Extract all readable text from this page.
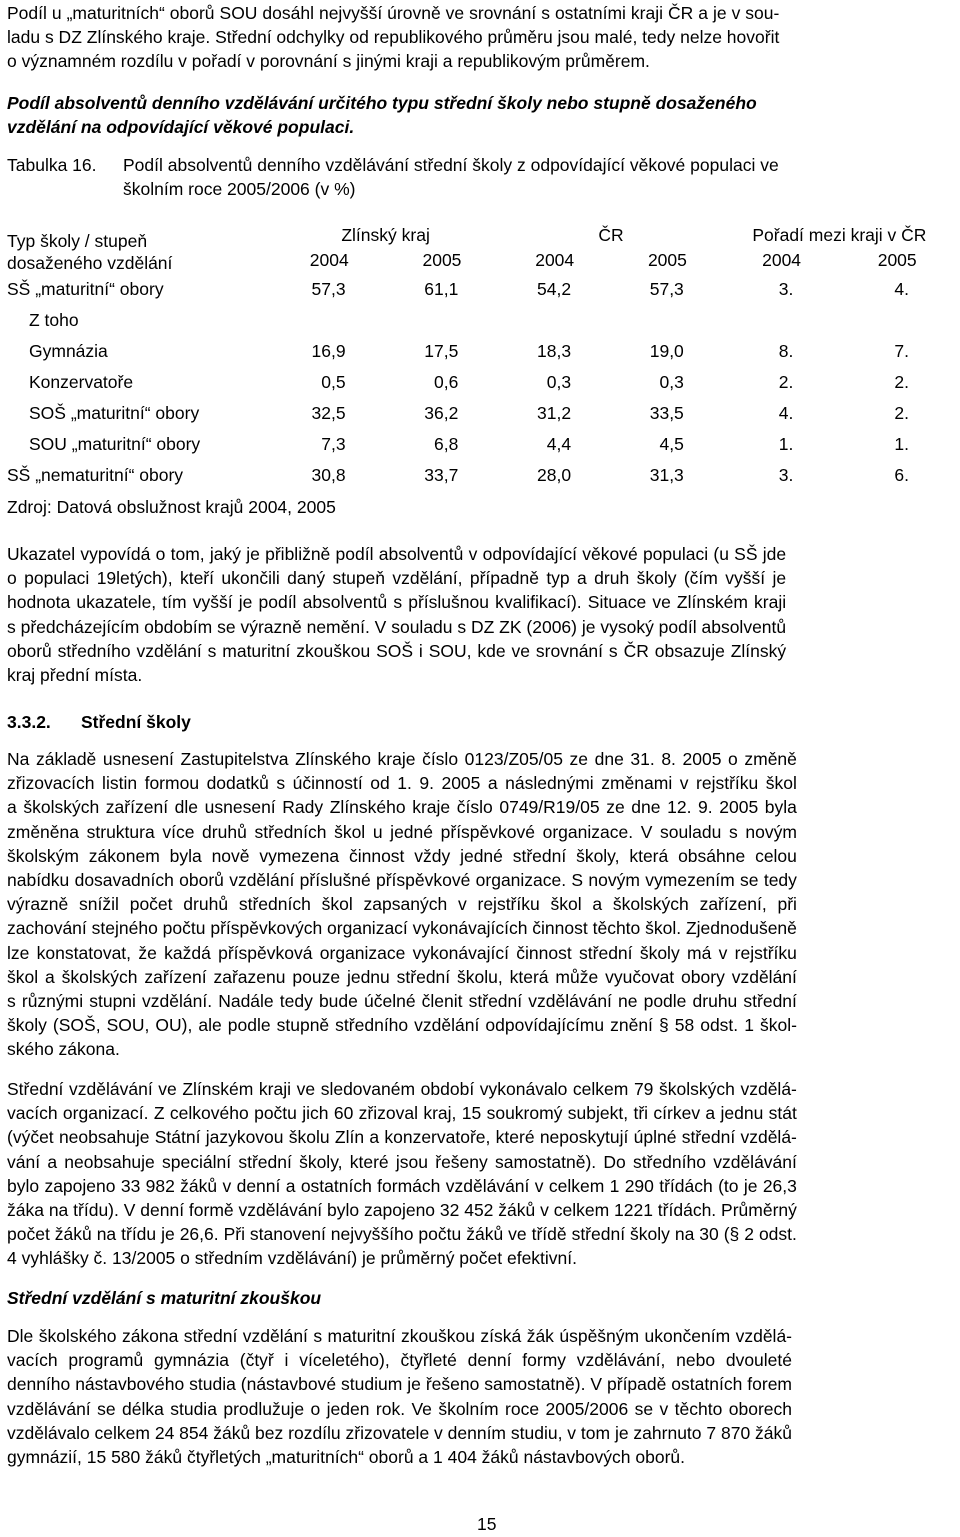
Podíl u „maturitních“ oborů SOU dosáhl nejvyšší úrovně ve srovnání s ostatními kraji ČR a je v sou-
ladu s DZ Zlínského kraje. Střední odchylky od republikového průměru jsou malé, tedy nelze hovořit
o významném rozdílu v pořadí v porovnání s jinými kraji a republikovým průměrem.
Podíl absolventů denního vzdělávání určitého typu střední školy nebo stupně dosaženého
vzdělání na odpovídající věkové populaci.
Tabulka 16. Podíl absolventů denního vzdělávání střední školy z odpovídající věkové populaci ve
školním roce 2005/2006 (v %)
Typ školy / stupeň
dosaženého vzdělání	Zlínský kraj		ČR		Pořadí mezi kraji v ČR	
	2004	2005	2004	2005	2004	2005
SŠ „maturitní“ obory	57,3	61,1	54,2	57,3	3.	4.
Z toho						
Gymnázia	16,9	17,5	18,3	19,0	8.	7.
Konzervatoře	0,5	0,6	0,3	0,3	2.	2.
SOŠ „maturitní“ obory	32,5	36,2	31,2	33,5	4.	2.
SOU „maturitní“ obory	7,3	6,8	4,4	4,5	1.	1.
SŠ „nematuritní“ obory	30,8	33,7	28,0	31,3	3.	6.

Zdroj: Datová obslužnost krajů 2004, 2005

Ukazatel vypovídá o tom, jaký je přibližně podíl absolventů v odpovídající věkové populaci (u SŠ jde
o populaci 19letých), kteří ukončili daný stupeň vzdělání, případně typ a druh školy (čím vyšší je
hodnota ukazatele, tím vyšší je podíl absolventů s příslušnou kvalifikací). Situace ve Zlínském kraji
s předcházejícím obdobím se výrazně nemění. V souladu s DZ ZK (2006) je vysoký podíl absolventů
oborů středního vzdělání s maturitní zkouškou SOŠ i SOU, kde ve srovnání s ČR obsazuje Zlínský
kraj přední místa.
3.3.2. Střední školy
Na základě usnesení Zastupitelstva Zlínského kraje číslo 0123/Z05/05 ze dne 31. 8. 2005 o změně
zřizovacích listin formou dodatků s účinností od 1. 9. 2005 a následnými změnami v rejstříku škol
a školských zařízení dle usnesení Rady Zlínského kraje číslo 0749/R19/05 ze dne 12. 9. 2005 byla
změněna struktura více druhů středních škol u jedné příspěvkové organizace. V souladu s novým
školským zákonem byla nově vymezena činnost vždy jedné střední školy, která obsáhne celou
nabídku dosavadních oborů vzdělání příslušné příspěvkové organizace. S novým vymezením se tedy
výrazně snížil počet druhů středních škol zapsaných v rejstříku škol a školských zařízení, při
zachování stejného počtu příspěvkových organizací vykonávajících činnost těchto škol. Zjednodušeně
lze konstatovat, že každá příspěvková organizace vykonávající činnost střední školy má v rejstříku
škol a školských zařízení zařazenu pouze jednu střední školu, která může vyučovat obory vzdělání
s různými stupni vzdělání. Nadále tedy bude účelné členit střední vzdělávání ne podle druhu střední
školy (SOŠ, SOU, OU), ale podle stupně středního vzdělání odpovídajícímu znění § 58 odst. 1 škol-
ského zákona.
Střední vzdělávání ve Zlínském kraji ve sledovaném období vykonávalo celkem 79 školských vzdělá-
vacích organizací. Z celkového počtu jich 60 zřizoval kraj, 15 soukromý subjekt, tři církev a jednu stát
(výčet neobsahuje Státní jazykovou školu Zlín a konzervatoře, které neposkytují úplné střední vzdělá-
vání a neobsahuje speciální střední školy, které jsou řešeny samostatně). Do středního vzdělávání
bylo zapojeno 33 982 žáků v denní a ostatních formách vzdělávání v celkem 1 290 třídách (to je 26,3
žáka na třídu). V denní formě vzdělávání bylo zapojeno 32 452 žáků v celkem 1221 třídách. Průměrný
počet žáků na třídu je 26,6. Při stanovení nejvyššího počtu žáků ve třídě střední školy na 30 (§ 2 odst.
4 vyhlášky č. 13/2005 o středním vzdělávání) je průměrný počet efektivní.

Střední vzdělání s maturitní zkouškou

Dle školského zákona střední vzdělání s maturitní zkouškou získá žák úspěšným ukončením vzdělá-
vacích programů gymnázia (čtyř i víceletého), čtyřleté denní formy vzdělávání, nebo dvouleté
denního nástavbového studia (nástavbové studium je řešeno samostatně). V případě ostatních forem
vzdělávání se délka studia prodlužuje o jeden rok. Ve školním roce 2005/2006 se v těchto oborech
vzdělávalo celkem 24 854 žáků bez rozdílu zřizovatele v denním studiu, v tom je zahrnuto 7 870 žáků
gymnázií, 15 580 žáků čtyřletých „maturitních“ oborů a 1 404 žáků nástavbových oborů.

15
